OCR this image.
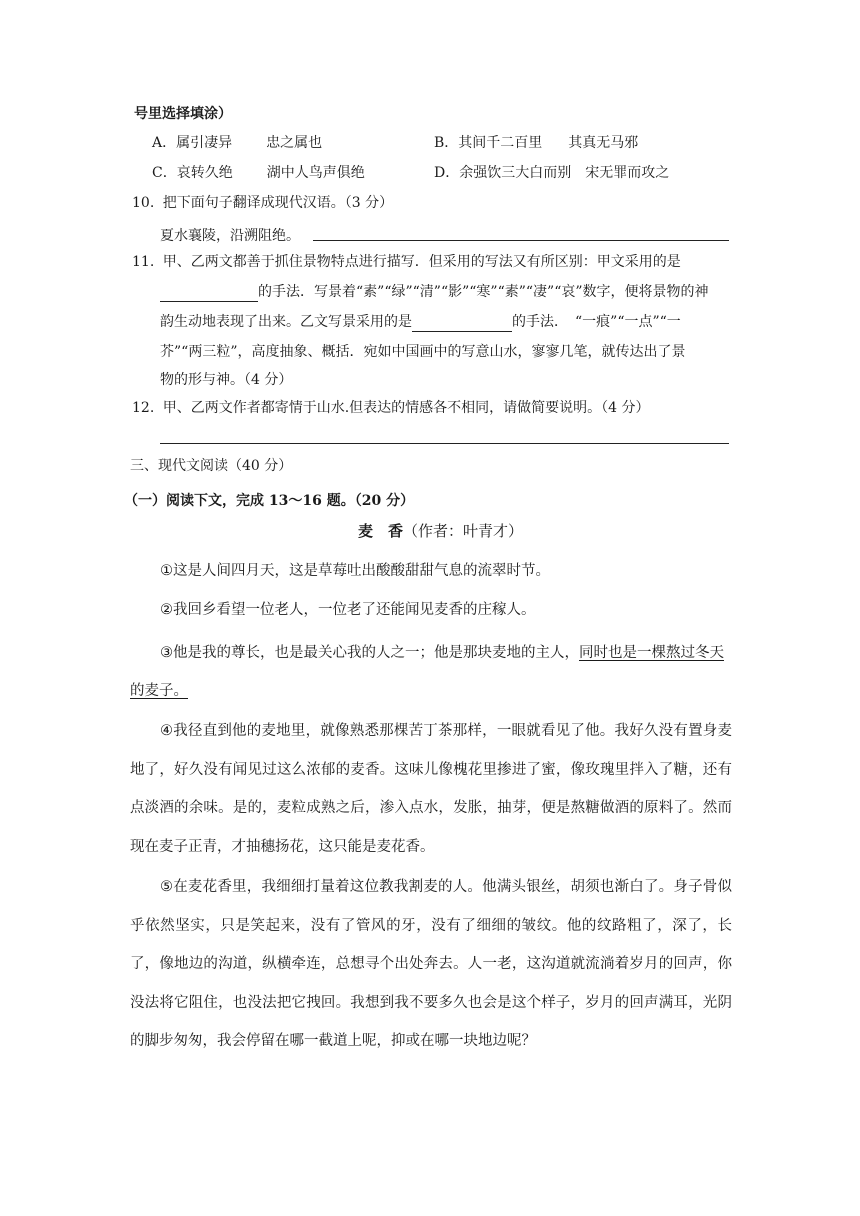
号里选择填涂）
A．属引凄异 忠之属也	B．其间千二百里 其真无马邪
C．哀转久绝 湖中人鸟声俱绝	D．余强饮三大白而别 宋无罪而攻之
10. 把下面句子翻译成现代汉语。（3 分）
夏水襄陵，沿溯阻绝。
11. 甲、乙两文都善于抓住景物特点进行描写．但采用的写法又有所区别：甲文采用的是
的手法．写景着“素”“绿”“清”“影”“寒”“素”“凄”“哀”数字，便将景物的神
韵生动地表现了出来。乙文写景采用的是	的手法．　“一痕”“一点”“一
芥”“两三粒”，高度抽象、概括．宛如中国画中的写意山水，寥寥几笔，就传达出了景
物的形与神。（4 分）
12. 甲、乙两文作者都寄情于山水.但表达的情感各不相同，请做简要说明。（4 分）
三、现代文阅读（40 分）
（一）阅读下文，完成 13～16 题。（20 分）
麦　香（作者：叶青才）
①这是人间四月天，这是草莓吐出酸酸甜甜气息的流翠时节。
②我回乡看望一位老人，一位老了还能闻见麦香的庄稼人。
③他是我的尊长，也是最关心我的人之一；他是那块麦地的主人，同时也是一棵熬过冬天的麦子。
④我径直到他的麦地里，就像熟悉那棵苦丁茶那样，一眼就看见了他。我好久没有置身麦地了，好久没有闻见过这么浓郁的麦香。这味儿像槐花里掺进了蜜，像玫瑰里拌入了糖，还有点淡酒的余味。是的，麦粒成熟之后，渗入点水，发胀，抽芽，便是熬糖做酒的原料了。然而现在麦子正青，才抽穗扬花，这只能是麦花香。
⑤在麦花香里，我细细打量着这位教我割麦的人。他满头银丝，胡须也渐白了。身子骨似乎依然坚实，只是笑起来，没有了管风的牙，没有了细细的皱纹。他的纹路粗了，深了，长了，像地边的沟道，纵横牵连，总想寻个出处奔去。人一老，这沟道就流淌着岁月的回声，你没法将它阻住，也没法把它拽回。我想到我不要多久也会是这个样子，岁月的回声满耳，光阴的脚步匆匆，我会停留在哪一截道上呢，抑或在哪一块地边呢？
